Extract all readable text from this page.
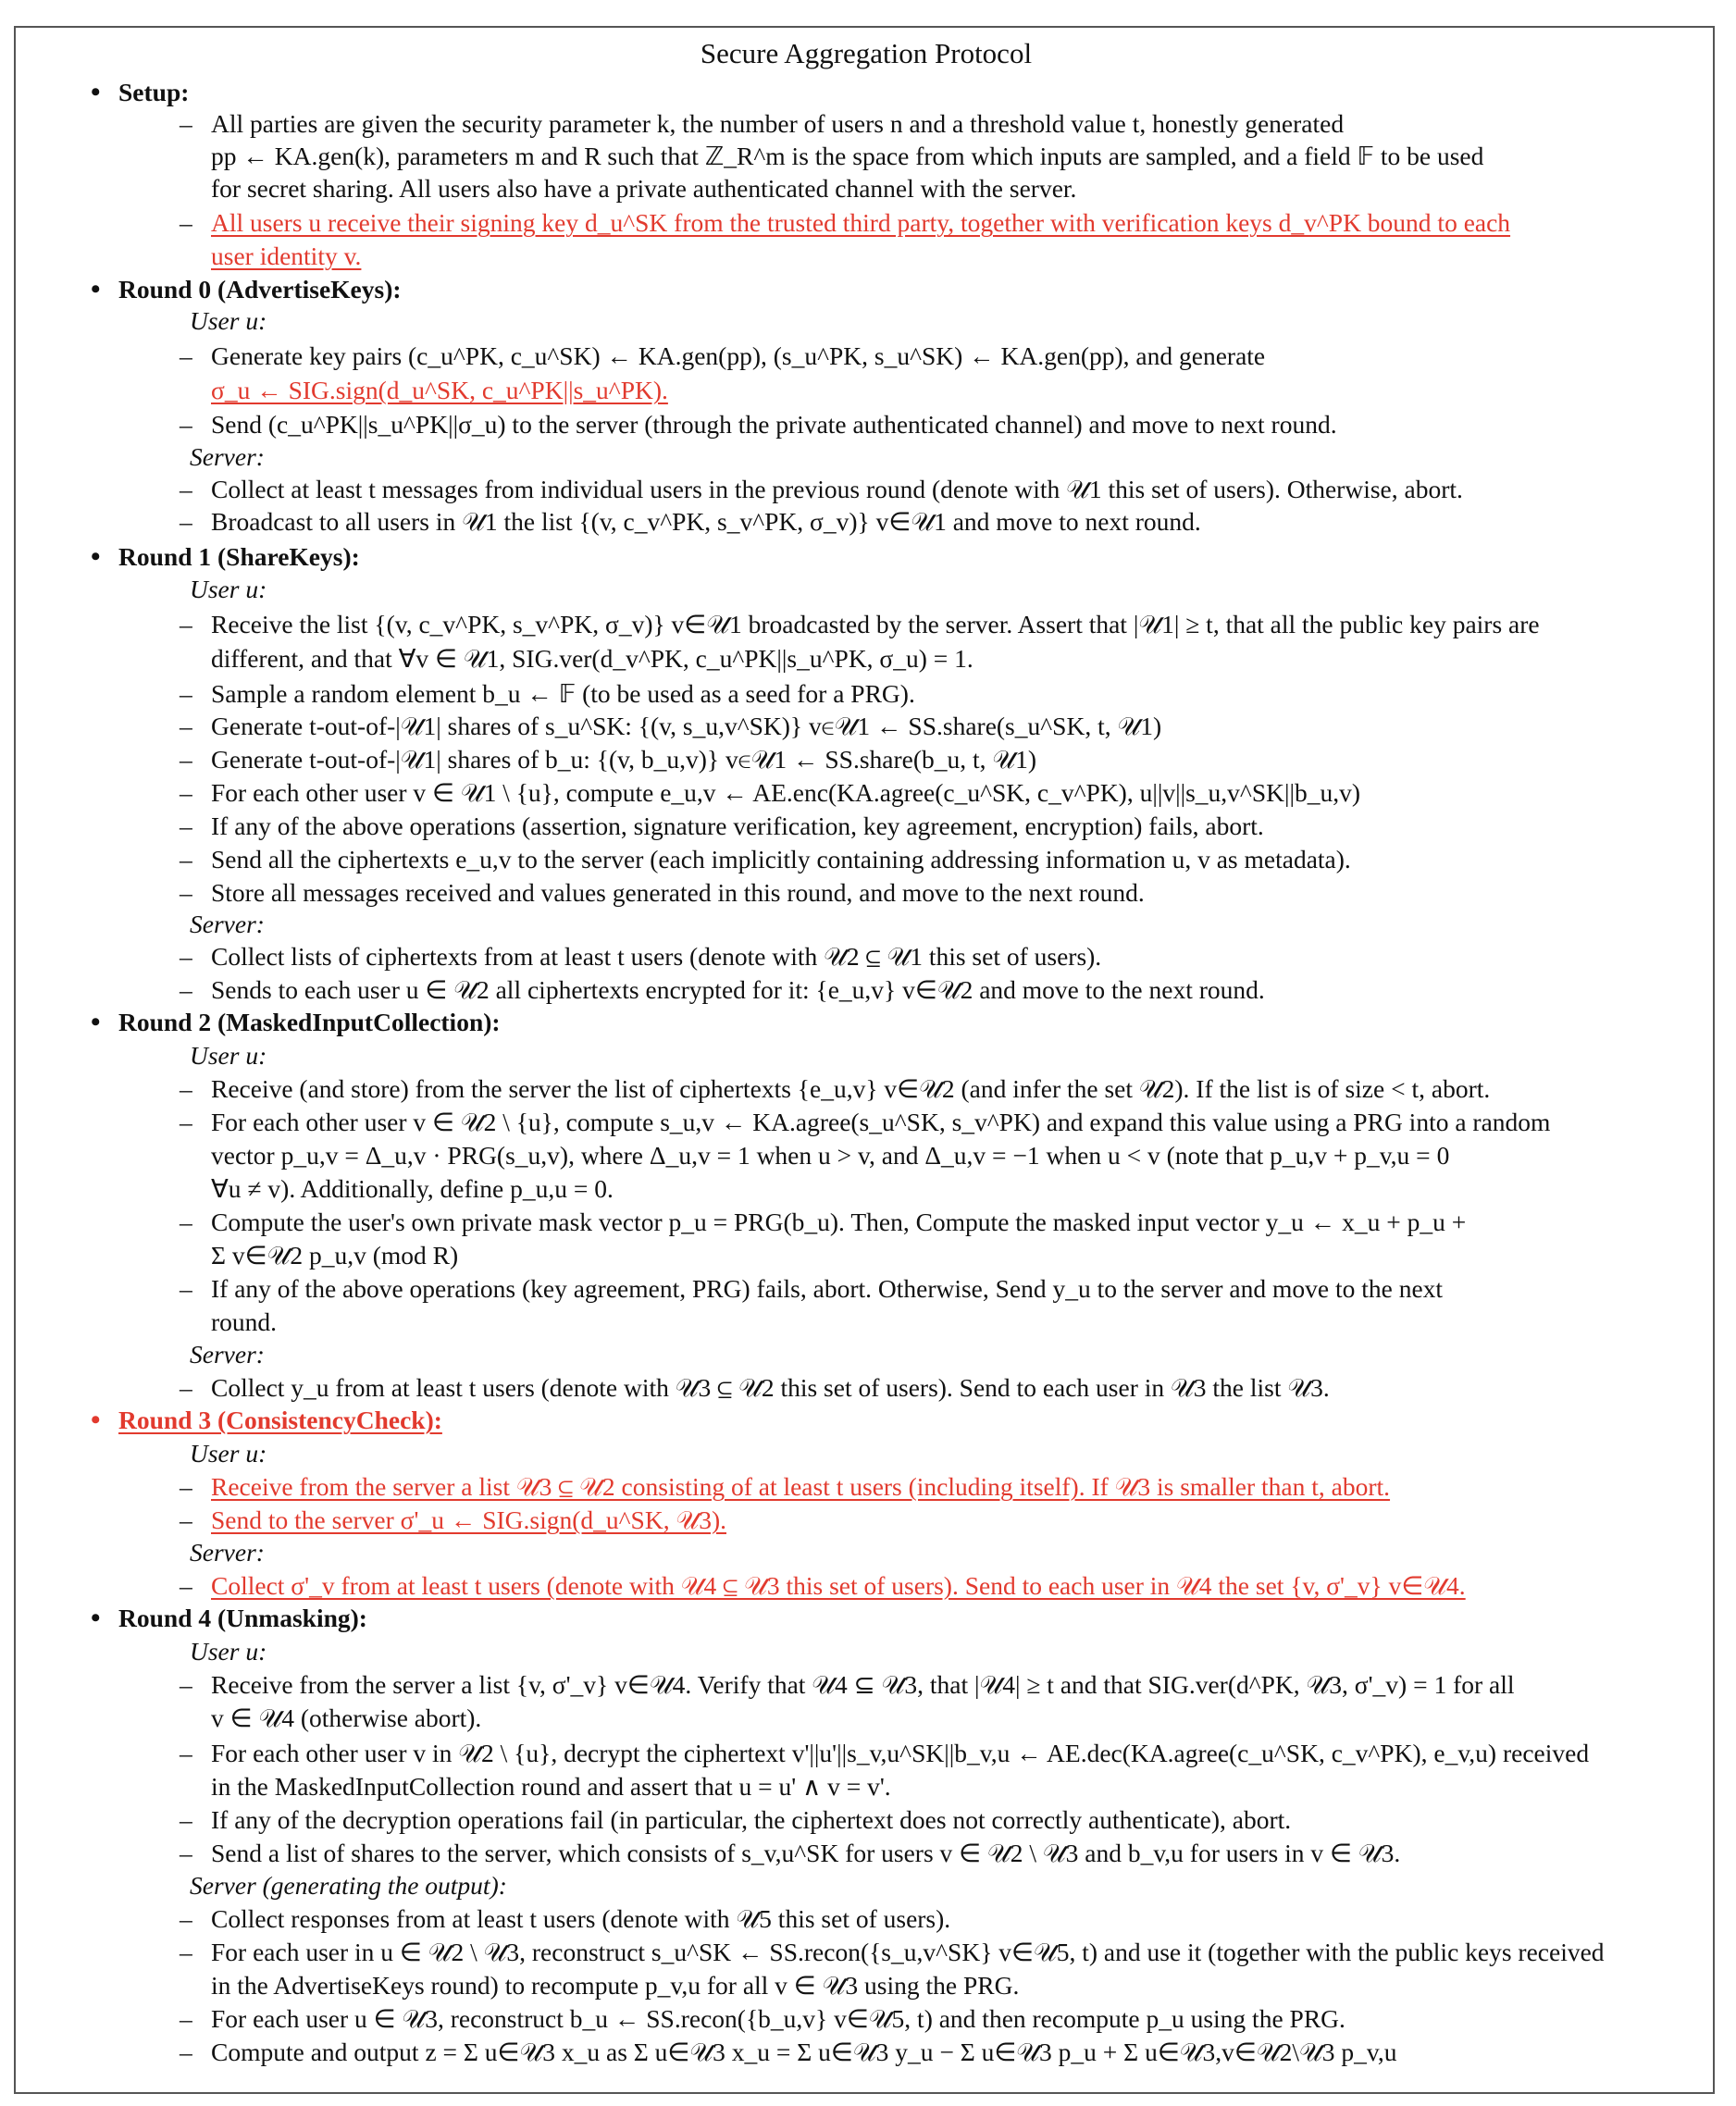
Secure Aggregation Protocol
• Setup:
– All parties are given the security parameter k, the number of users n and a threshold value t, honestly generated
pp ← KA.gen(k), parameters m and R such that ℤ_R^m is the space from which inputs are sampled, and a field 𝔽 to be used
for secret sharing. All users also have a private authenticated channel with the server.
– All users u receive their signing key d_u^SK from the trusted third party, together with verification keys d_v^PK bound to each
user identity v.
• Round 0 (AdvertiseKeys):
User u:
– Generate key pairs (c_u^PK, c_u^SK) ← KA.gen(pp), (s_u^PK, s_u^SK) ← KA.gen(pp), and generate
σ_u ← SIG.sign(d_u^SK, c_u^PK||s_u^PK).
– Send (c_u^PK||s_u^PK||σ_u) to the server (through the private authenticated channel) and move to next round.
Server:
– Collect at least t messages from individual users in the previous round (denote with 𝒰1 this set of users). Otherwise, abort.
– Broadcast to all users in 𝒰1 the list {(v, c_v^PK, s_v^PK, σ_v)} v∈𝒰1 and move to next round.
• Round 1 (ShareKeys):
User u:
– Receive the list {(v, c_v^PK, s_v^PK, σ_v)} v∈𝒰1 broadcasted by the server. Assert that |𝒰1| ≥ t, that all the public key pairs are
different, and that ∀v ∈ 𝒰1, SIG.ver(d_v^PK, c_u^PK||s_u^PK, σ_u) = 1.
– Sample a random element b_u ← 𝔽 (to be used as a seed for a PRG).
– Generate t-out-of-|𝒰1| shares of s_u^SK: {(v, s_u,v^SK)} v∈𝒰1 ← SS.share(s_u^SK, t, 𝒰1)
– Generate t-out-of-|𝒰1| shares of b_u: {(v, b_u,v)} v∈𝒰1 ← SS.share(b_u, t, 𝒰1)
– For each other user v ∈ 𝒰1 \ {u}, compute e_u,v ← AE.enc(KA.agree(c_u^SK, c_v^PK), u||v||s_u,v^SK||b_u,v)
– If any of the above operations (assertion, signature verification, key agreement, encryption) fails, abort.
– Send all the ciphertexts e_u,v to the server (each implicitly containing addressing information u, v as metadata).
– Store all messages received and values generated in this round, and move to the next round.
Server:
– Collect lists of ciphertexts from at least t users (denote with 𝒰2 ⊆ 𝒰1 this set of users).
– Sends to each user u ∈ 𝒰2 all ciphertexts encrypted for it: {e_u,v} v∈𝒰2 and move to the next round.
• Round 2 (MaskedInputCollection):
User u:
– Receive (and store) from the server the list of ciphertexts {e_u,v} v∈𝒰2 (and infer the set 𝒰2). If the list is of size < t, abort.
– For each other user v ∈ 𝒰2 \ {u}, compute s_u,v ← KA.agree(s_u^SK, s_v^PK) and expand this value using a PRG into a random
vector p_u,v = Δ_u,v · PRG(s_u,v), where Δ_u,v = 1 when u > v, and Δ_u,v = −1 when u < v (note that p_u,v + p_v,u = 0
∀u ≠ v). Additionally, define p_u,u = 0.
– Compute the user's own private mask vector p_u = PRG(b_u). Then, Compute the masked input vector y_u ← x_u + p_u +
Σ v∈𝒰2 p_u,v (mod R)
– If any of the above operations (key agreement, PRG) fails, abort. Otherwise, Send y_u to the server and move to the next
round.
Server:
– Collect y_u from at least t users (denote with 𝒰3 ⊆ 𝒰2 this set of users). Send to each user in 𝒰3 the list 𝒰3.
• Round 3 (ConsistencyCheck):
User u:
– Receive from the server a list 𝒰3 ⊆ 𝒰2 consisting of at least t users (including itself). If 𝒰3 is smaller than t, abort.
– Send to the server σ'_u ← SIG.sign(d_u^SK, 𝒰3).
Server:
– Collect σ'_v from at least t users (denote with 𝒰4 ⊆ 𝒰3 this set of users). Send to each user in 𝒰4 the set {v, σ'_v} v∈𝒰4.
• Round 4 (Unmasking):
User u:
– Receive from the server a list {v, σ'_v} v∈𝒰4. Verify that 𝒰4 ⊆ 𝒰3, that |𝒰4| ≥ t and that SIG.ver(d^PK, 𝒰3, σ'_v) = 1 for all
v ∈ 𝒰4 (otherwise abort).
– For each other user v in 𝒰2 \ {u}, decrypt the ciphertext v'||u'||s_v,u^SK||b_v,u ← AE.dec(KA.agree(c_u^SK, c_v^PK), e_v,u) received
in the MaskedInputCollection round and assert that u = u' ∧ v = v'.
– If any of the decryption operations fail (in particular, the ciphertext does not correctly authenticate), abort.
– Send a list of shares to the server, which consists of s_v,u^SK for users v ∈ 𝒰2 \ 𝒰3 and b_v,u for users in v ∈ 𝒰3.
Server (generating the output):
– Collect responses from at least t users (denote with 𝒰5 this set of users).
– For each user in u ∈ 𝒰2 \ 𝒰3, reconstruct s_u^SK ← SS.recon({s_u,v^SK} v∈𝒰5, t) and use it (together with the public keys received
in the AdvertiseKeys round) to recompute p_v,u for all v ∈ 𝒰3 using the PRG.
– For each user u ∈ 𝒰3, reconstruct b_u ← SS.recon({b_u,v} v∈𝒰5, t) and then recompute p_u using the PRG.
– Compute and output z = Σ u∈𝒰3 x_u as Σ u∈𝒰3 x_u = Σ u∈𝒰3 y_u − Σ u∈𝒰3 p_u + Σ u∈𝒰3,v∈𝒰2\𝒰3 p_v,u
